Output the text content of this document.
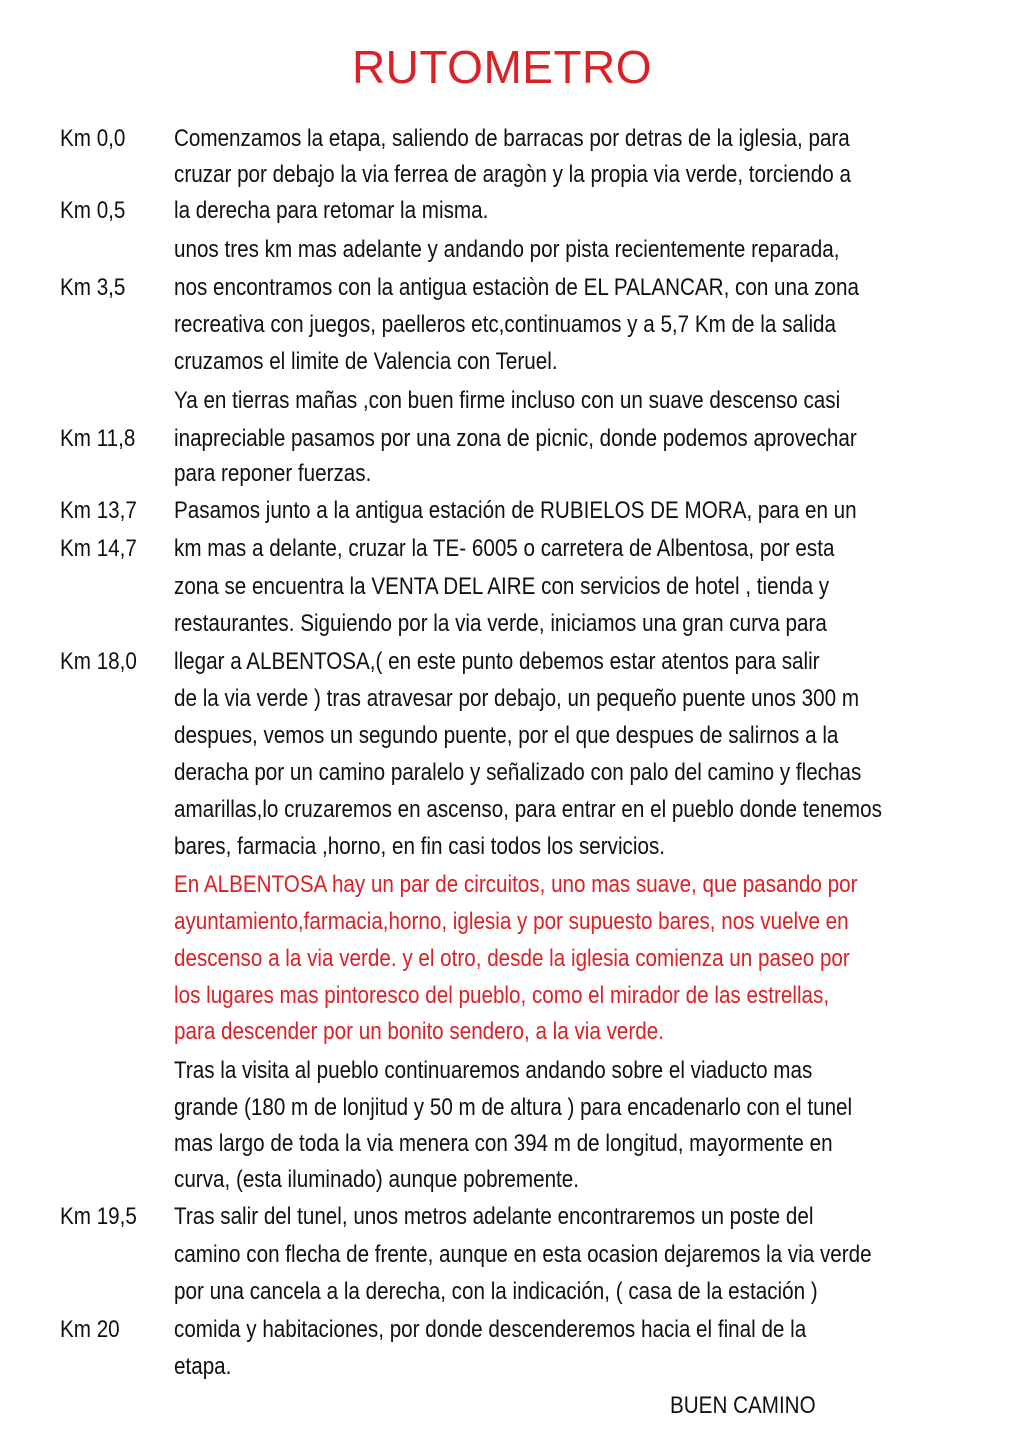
RUTOMETRO
Km 0,0
Km 0,5
Km 3,5
Km 11,8
Km 13,7
Km 14,7
Km 18,0
Km 19,5
Km 20
Comenzamos la etapa, saliendo de barracas por detras de la iglesia, para
cruzar por debajo la via ferrea de aragòn y la propia via verde, torciendo a
la derecha para retomar la misma.
unos tres km mas adelante y andando por pista recientemente reparada,
nos encontramos con la antigua estaciòn de EL PALANCAR, con una zona
recreativa con juegos, paelleros etc,continuamos y a 5,7 Km de la salida
cruzamos el limite de Valencia con Teruel.
Ya en tierras mañas ,con buen firme incluso con un suave descenso casi
inapreciable pasamos por una zona de picnic, donde podemos aprovechar
para reponer fuerzas.
Pasamos junto a la antigua estación de RUBIELOS DE MORA, para en un
km mas a delante, cruzar la TE- 6005 o carretera de Albentosa, por esta
zona se encuentra la VENTA DEL AIRE con servicios de hotel , tienda y
restaurantes. Siguiendo por la via verde, iniciamos una gran curva para
llegar a ALBENTOSA,( en este punto debemos estar atentos para salir
de la via verde ) tras atravesar por debajo, un pequeño puente unos 300 m
despues, vemos un segundo puente, por el que despues de salirnos a la
deracha por un camino paralelo y señalizado con palo del camino y flechas
amarillas,lo cruzaremos en ascenso, para entrar en el pueblo donde tenemos
bares, farmacia ,horno, en fin casi todos los servicios.
En ALBENTOSA hay un par de circuitos, uno mas suave, que pasando por
ayuntamiento,farmacia,horno, iglesia y por supuesto bares, nos vuelve en
descenso a la via verde. y el otro, desde la iglesia comienza un paseo por
los lugares mas pintoresco del pueblo, como el mirador de las estrellas,
para descender por un bonito sendero, a la via verde.
Tras la visita al pueblo continuaremos andando sobre el viaducto mas
grande (180 m de lonjitud y 50 m de altura ) para encadenarlo con el tunel
mas largo de toda la via menera con 394 m de longitud, mayormente en
curva, (esta iluminado) aunque pobremente.
Tras salir del tunel, unos metros adelante encontraremos un poste del
camino con flecha de frente, aunque en esta ocasion dejaremos la via verde
por una cancela a la derecha, con la indicación, ( casa de la estación )
comida y habitaciones, por donde descenderemos hacia el final de la
etapa.
BUEN CAMINO
